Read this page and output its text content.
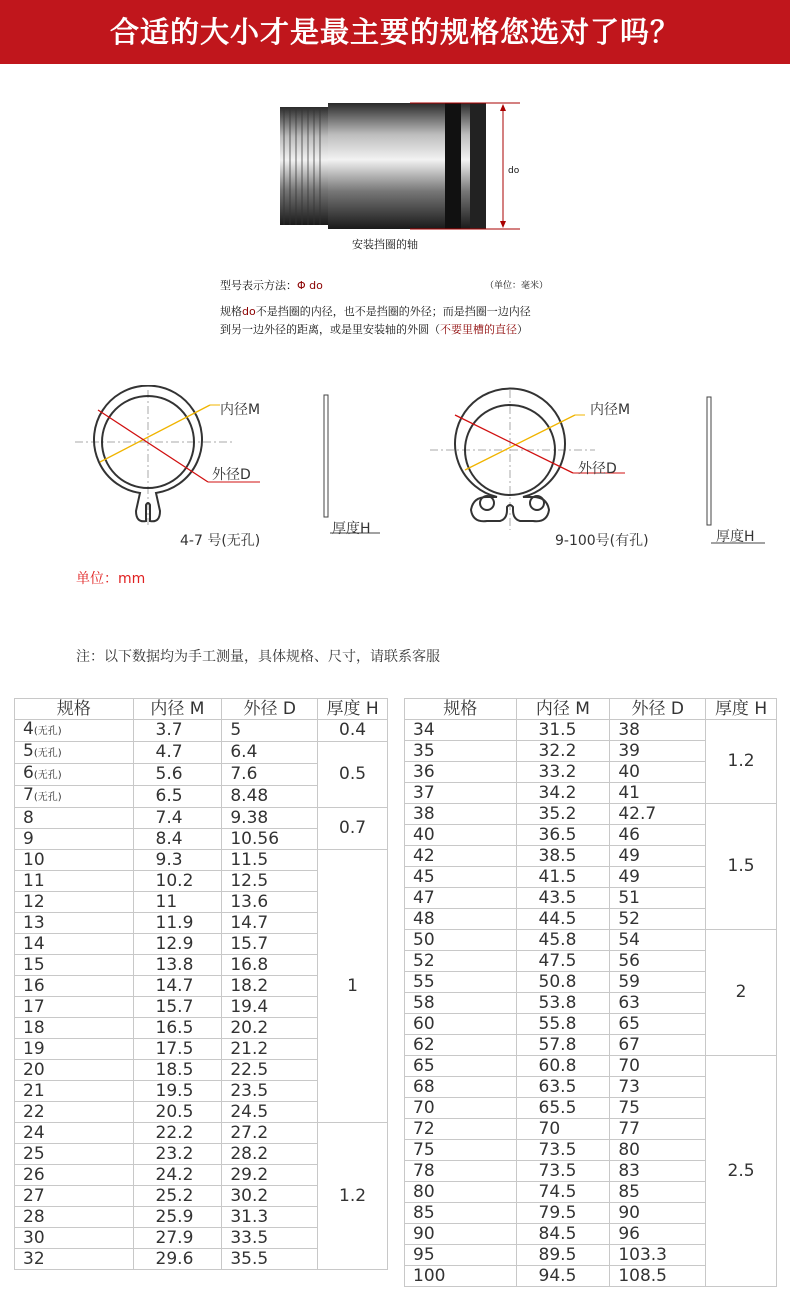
合适的大小才是最主要的规格您选对了吗？
do
安装挡圈的轴
型号表示方法：Φ do	（单位：毫米）
规格do不是挡圈的内径，也不是挡圈的外径；而是挡圈一边内径
到另一边外径的距离，或是里安装轴的外圆（不要里槽的直径）
内径M
外径D
厚度H
4-7 号(无孔)
内径M
外径D
厚度H
9-100号(有孔)
单位：mm
注：以下数据均为手工测量，具体规格、尺寸，请联系客服
规格	内径 M	外径 D	厚度 H
4(无孔)	3.7	5	0.4
5(无孔)	4.7	6.4	0.5
6(无孔)	5.6	7.6	
7(无孔)	6.5	8.48	
8	7.4	9.38	0.7
9	8.4	10.56	
10	9.3	11.5	1
11	10.2	12.5	
12	11	13.6	
13	11.9	14.7	
14	12.9	15.7	
15	13.8	16.8	
16	14.7	18.2	
17	15.7	19.4	
18	16.5	20.2	
19	17.5	21.2	
20	18.5	22.5	
21	19.5	23.5	
22	20.5	24.5	
24	22.2	27.2	1.2
25	23.2	28.2	
26	24.2	29.2	
27	25.2	30.2	
28	25.9	31.3	
30	27.9	33.5	
32	29.6	35.5	
规格	内径 M	外径 D	厚度 H
34	31.5	38	1.2
35	32.2	39	
36	33.2	40	
37	34.2	41	
38	35.2	42.7	1.5
40	36.5	46	
42	38.5	49	
45	41.5	49	
47	43.5	51	
48	44.5	52	
50	45.8	54	2
52	47.5	56	
55	50.8	59	
58	53.8	63	
60	55.8	65	
62	57.8	67	
65	60.8	70	2.5
68	63.5	73	
70	65.5	75	
72	70	77	
75	73.5	80	
78	73.5	83	
80	74.5	85	
85	79.5	90	
90	84.5	96	
95	89.5	103.3	
100	94.5	108.5	
